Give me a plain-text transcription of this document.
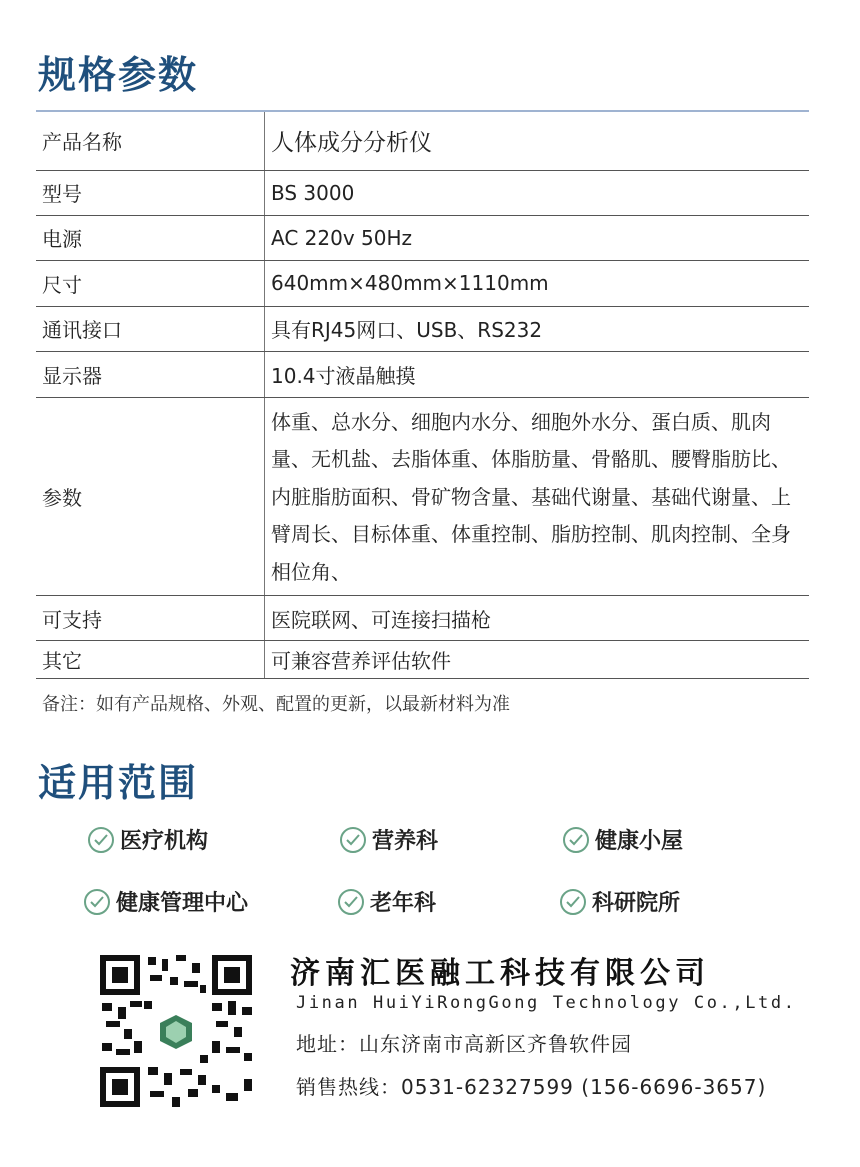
规格参数
产品名称	人体成分分析仪
型号	BS 3000
电源	AC 220v 50Hz
尺寸	640mm×480mm×1110mm
通讯接口	具有RJ45网口、USB、RS232
显示器	10.4寸液晶触摸
参数	体重、总水分、细胞内水分、细胞外水分、蛋白质、肌肉量、无机盐、去脂体重、体脂肪量、骨骼肌、腰臀脂肪比、内脏脂肪面积、骨矿物含量、基础代谢量、基础代谢量、上臂周长、目标体重、体重控制、脂肪控制、肌肉控制、全身相位角、

可支持	医院联网、可连接扫描枪
其它	可兼容营养评估软件
备注：如有产品规格、外观、配置的更新，以最新材料为准
适用范围
医疗机构	营养科	健康小屋
健康管理中心	老年科	科研院所
济南汇医融工科技有限公司
Jinan HuiYiRongGong Technology Co.,Ltd.
地址：山东济南市高新区齐鲁软件园
销售热线：0531-62327599 (156-6696-3657)
